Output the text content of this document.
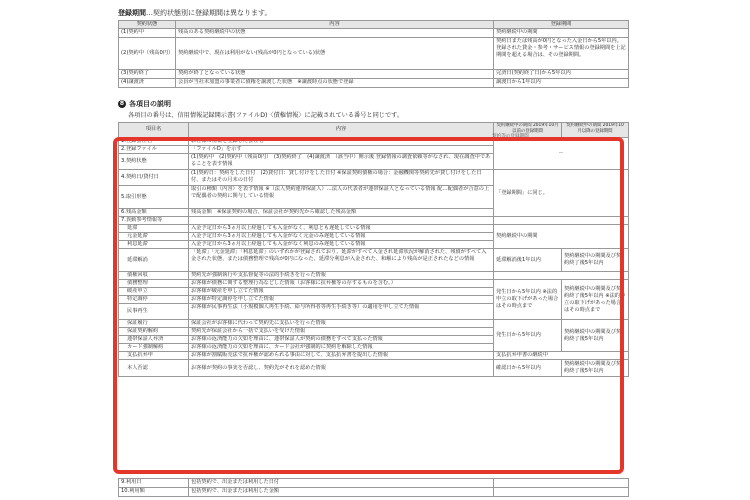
登録期間…契約状態別に登録期間は異なります。
契約状態	内容	登録期間
(1)契約中	残高のある契約継続中の状態	契約継続中の期間
(2)契約中（残高0円）	契約継続中で、現在は利用がない(残高が0円となっている)状態	契約日または残高が0円となった入金日から5年以内。登録された貸金・参考・サービス情報の登録期間を上記期間を超える場合は、その登録期間。
(3)契約終了	契約が終了となっている状態	完済日(契約終了日)から5年以内
(4)譲渡済	会員が当社未加盟の事業者に債権を譲渡した状態　※譲渡時点の状態で登録	譲渡日から1年以内
8 各項目の説明
各項目の番号は、信用情報記録開示書(ファイルD)〈債権情報〉に記載されている番号と同じです。
項目名	内容	契約継続中の期間 2019年10月以前の登録期間	契約継続中の期間 2019年10月以降の登録期間
1.登録会社名	お客様の情報を登録した会社名	－	
2.登録ファイル	「ファイルD」を示す		
3.契約状態	(1)契約中　(2)契約中（残高0円）　(3)契約終了　(4)譲渡済　（該当中）開示後 登録情報の調査依頼等がなされ、現在調査中であることを表す情報		
4.契約日/貸付日	(1)契約日：契約をした日付　(2)貸付日：貸し付けをした日付 ※保証契約債権の場合：金融機関等契約先が貸し付けをした日付、またはその月末の日付	「登録期間」に同じ。	
5.取引形態	取引の種類（内容）を表す情報 ※（法人契約連帯保証人）…法人の代表者が連帯保証人となっている情報 配…配偶者が合意の上で配偶者の契約に関与している情報		
6.残高金額	残高金額　※保証契約の場合、保証会社が契約先から確認した残高金額		
7.異動参考情報等			
延滞	入金予定日から3ヵ月以上経過しても入金がなく、利息とも遅延している情報	契約継続中の期間	
元金延滞	入金予定日から3ヵ月以上経過しても入金がなく元金のみ遅延している情報		
利息延滞	入金予定日から3ヵ月以上経過しても入金がなく利息のみ遅延している情報		
延滞解消	「延滞」「元金延滞」「利息延滞」のいずれかが登録されており、延滞がすべて入金され延滞状況が解消された、残債がすべて入金された状態、または債務整理で残高が0円になった、延滞分利息が入金された、和解により残高が是正されたなどの情報	延滞解消後1年以内	契約継続中の期間及び契約終了後5年以内
債権回収	契約先が強制執行や支払督促等の法的手続きを行った情報		
債務整理	お客様が債務に関する整理行為などした情報（お客様に抗弁権等の存するものを含む。）	発生日から5年以内 ※法的申立の取下げがあった場合はその時点まで	契約継続中の期間及び契約終了後5年以内 ※法的申立の取下げがあった場合はその時点まで
破産申立	お客様が破産を申し立てた情報		
特定調停	お客様が特定調停を申し立てた情報		
民事再生	お客様が民事再生法（小規模個人再生手続、給与所得者等再生手続き等）の適用を申し立てた情報		
保証履行	保証会社がお客様に代わって契約先に支払いを行った情報	発生日から5年以内	契約継続中の期間及び契約終了後5年以内
保証契約解約	契約先が保証会社から一括で支払いを受けた情報		
連帯保証人弁済	お客様の返済能力の欠如を理由に、連帯保証人が契約の債務をすべて支払った情報		
カード強制解約	お客様の返済能力の欠如を理由に、カード会社が強制的に契約を解除した情報		
支払抗弁申	お客様が割賦販売法で抗弁権が認められる事由に対して、支払抗弁書を提出した情報	支払抗弁申書の継続中	
本人否認	お客様が契約の事実を否認し、契約先がそれを認めた情報	確認日から5年以内	契約継続中の期間及び契約終了後5年以内
契約等の登録期間
9.利用日	包括契約で、出金または利用した日付	
10.利用額	包括契約で、出金または利用した金額	
